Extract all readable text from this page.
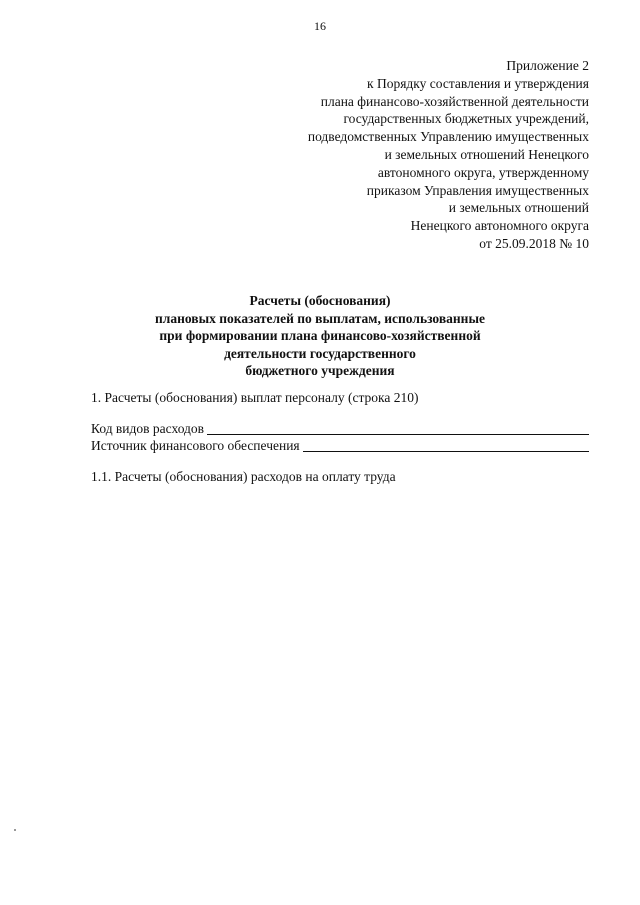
16
Приложение 2
к Порядку составления и утверждения
плана финансово-хозяйственной деятельности
государственных бюджетных учреждений,
подведомственных Управлению имущественных
и земельных отношений Ненецкого
автономного округа, утвержденному
приказом Управления имущественных
и земельных отношений
Ненецкого автономного округа
от 25.09.2018 № 10
Расчеты (обоснования)
плановых показателей по выплатам, использованные
при формировании плана финансово-хозяйственной
деятельности государственного
бюджетного учреждения
1. Расчеты (обоснования) выплат персоналу (строка 210)
Код видов расходов
Источник финансового обеспечения
1.1. Расчеты (обоснования) расходов на оплату труда
